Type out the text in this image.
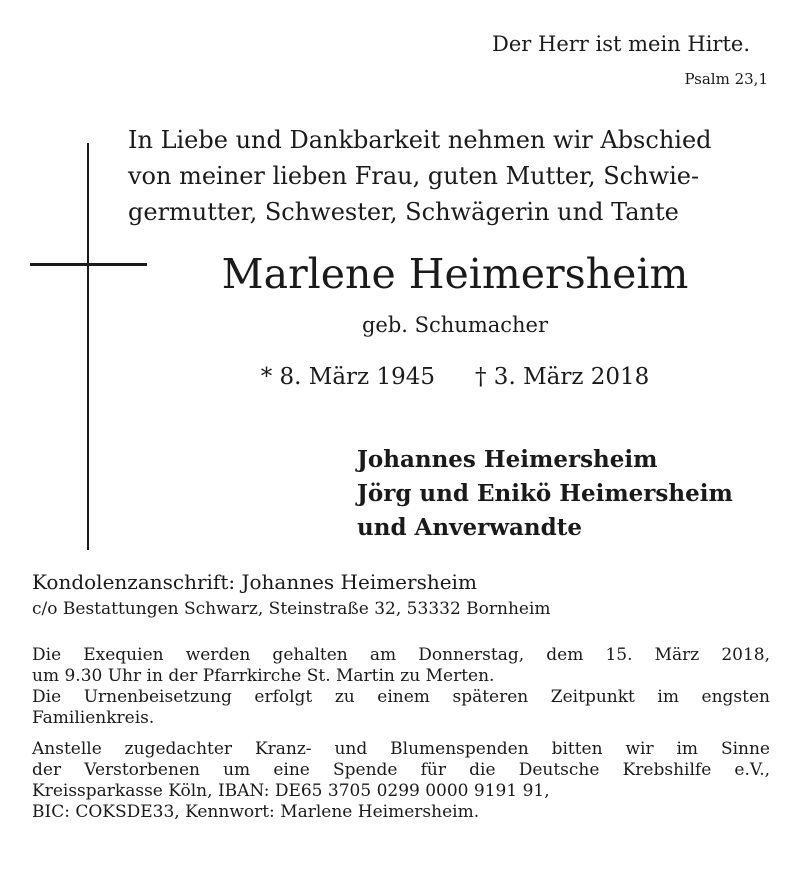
Der Herr ist mein Hirte.
Psalm 23,1
In Liebe und Dankbarkeit nehmen wir Abschied
von meiner lieben Frau, guten Mutter, Schwie-
germutter, Schwester, Schwägerin und Tante
Marlene Heimersheim
geb. Schumacher
* 8. März 1945 † 3. März 2018
Johannes Heimersheim
Jörg und Enikö Heimersheim
und Anverwandte
Kondolenzanschrift: Johannes Heimersheim
c/o Bestattungen Schwarz, Steinstraße 32, 53332 Bornheim

Die Exequien werden gehalten am Donnerstag, dem 15. März 2018,
um 9.30 Uhr in der Pfarrkirche St. Martin zu Merten.
Die Urnenbeisetzung erfolgt zu einem späteren Zeitpunkt im engsten
Familienkreis.

Anstelle zugedachter Kranz- und Blumenspenden bitten wir im Sinne
der Verstorbenen um eine Spende für die Deutsche Krebshilfe e.V.,
Kreissparkasse Köln, IBAN: DE65 3705 0299 0000 9191 91,
BIC: COKSDE33, Kennwort: Marlene Heimersheim.
